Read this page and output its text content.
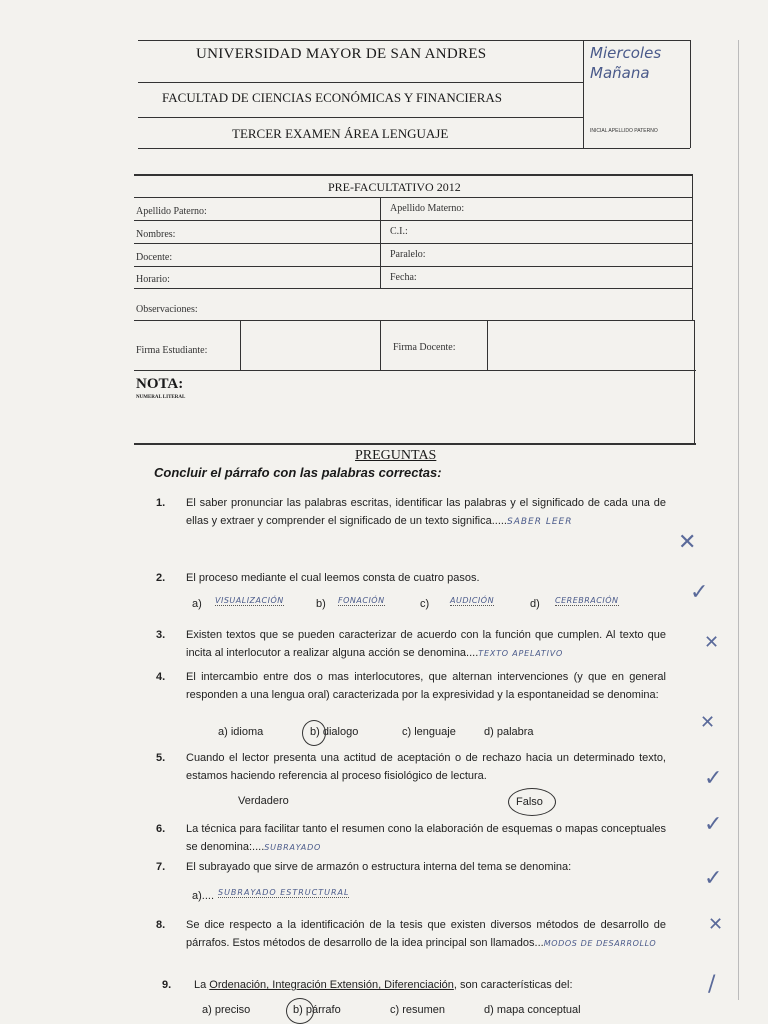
UNIVERSIDAD MAYOR DE SAN ANDRES
FACULTAD DE CIENCIAS ECONÓMICAS Y FINANCIERAS
TERCER EXAMEN ÁREA LENGUAJE
Miercoles
Mañana
INICIAL APELLIDO PATERNO
PRE-FACULTATIVO 2012
Apellido Paterno:	Apellido Materno:
Nombres:	C.I.:
Docente:	Paralelo:
Horario:	Fecha:
Observaciones:
Firma Estudiante:	Firma Docente:
NOTA:
NUMERAL LITERAL
PREGUNTAS
Concluir el párrafo con las palabras correctas:
1. El saber pronunciar las palabras escritas, identificar las palabras y el significado de cada una de ellas y extraer y comprender el significado de un texto significa.....SABER LEER
✕
2. El proceso mediante el cual leemos consta de cuatro pasos.
a) VISUALIZACIÓN	b) FONACIÓN	c)	AUDICIÓN	d) CEREBRACIÓN	✓
3. Existen textos que se pueden caracterizar de acuerdo con la función que cumplen. Al texto que incita al interlocutor a realizar alguna acción se denomina....TEXTO APELATIVO
✕
4. El intercambio entre dos o mas interlocutores, que alternan intervenciones (y que en general responden a una lengua oral) caracterizada por la expresividad y la espontaneidad se denomina:
a) idioma	b) dialogo	c) lenguaje	d) palabra	✕
5. Cuando el lector presenta una actitud de aceptación o de rechazo hacia un determinado texto, estamos haciendo referencia al proceso fisiológico de lectura.
Verdadero	Falso
✓
6. La técnica para facilitar tanto el resumen cono la elaboración de esquemas o mapas conceptuales se denomina:....SUBRAYADO
✓
7. El subrayado que sirve de armazón o estructura interna del tema se denomina:
a).... SUBRAYADO ESTRUCTURAL
✓
8. Se dice respecto a la identificación de la tesis que existen diversos métodos de desarrollo de párrafos. Estos métodos de desarrollo de la idea principal son llamados...MODOS DE DESARROLLO
✕
9. La Ordenación, Integración Extensión, Diferenciación, son características del:
a) preciso	b) párrafo	c) resumen	d) mapa conceptual
/
